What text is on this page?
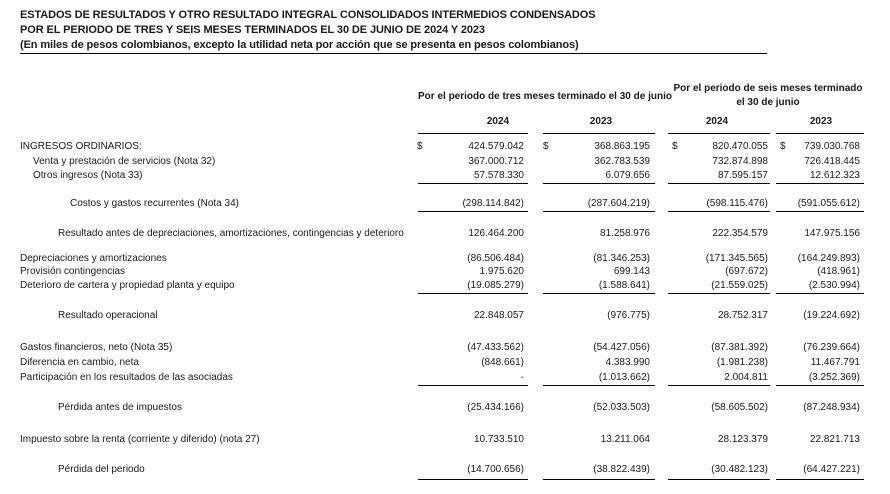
ESTADOS DE RESULTADOS Y OTRO RESULTADO INTEGRAL CONSOLIDADOS INTERMEDIOS CONDENSADOS
POR EL PERIODO DE TRES Y SEIS MESES TERMINADOS EL 30 DE JUNIO DE 2024 Y 2023
(En miles de pesos colombianos, excepto la utilidad neta por acción que se presenta en pesos colombianos)
Por el periodo de tres meses terminado el 30 de junio
Por el periodo de seis meses terminado el 30 de junio
2024	2023	2024	2023
INGRESOS ORDINARIOS:	$	424.579.042 $	368.863.195 $	820.470.055 $ 739.030.768
Venta y prestación de servicios (Nota 32)	367.000.712	362.783.539	732.874.898	726.418.445
Otros ingresos (Nota 33)	57.578.330	6.079.656	87.595.157	12.612.323
Costos y gastos recurrentes (Nota 34)	(298.114.842)	(287.604.219)	(598.115.476)	(591.055.612)
Resultado antes de depreciaciones, amortizaciones, contingencias y deterioro	126.464.200	81.258.976	222.354.579	147.975.156
Depreciaciones y amortizaciones	(86.506.484)	(81.346.253)	(171.345.565)	(164.249.893)
Provisión contingencias	1.975.620	699.143	(697.672)	(418.961)
Deterioro de cartera y propiedad planta y equipo	(19.085.279)	(1.588.641)	(21.559.025)	(2.530.994)
Resultado operacional	22.848.057	(976.775)	28.752.317	(19.224.692)
Gastos financieros, neto (Nota 35)	(47.433.562)	(54.427.056)	(87.381.392)	(76.239.664)
Diferencia en cambio, neta	(848.661)	4.383.990	(1.981.238)	11.467.791
Participación en los resultados de las asociadas	-	(1.013.662)	2.004.811	(3.252.369)
Pérdida antes de impuestos	(25.434.166)	(52.033.503)	(58.605.502)	(87.248.934)
Impuesto sobre la renta (corriente y diferido) (nota 27)	10.733.510	13.211.064	28.123.379	22.821.713
Pérdida del periodo	(14.700.656)	(38.822.439)	(30.482.123)	(64.427.221)
